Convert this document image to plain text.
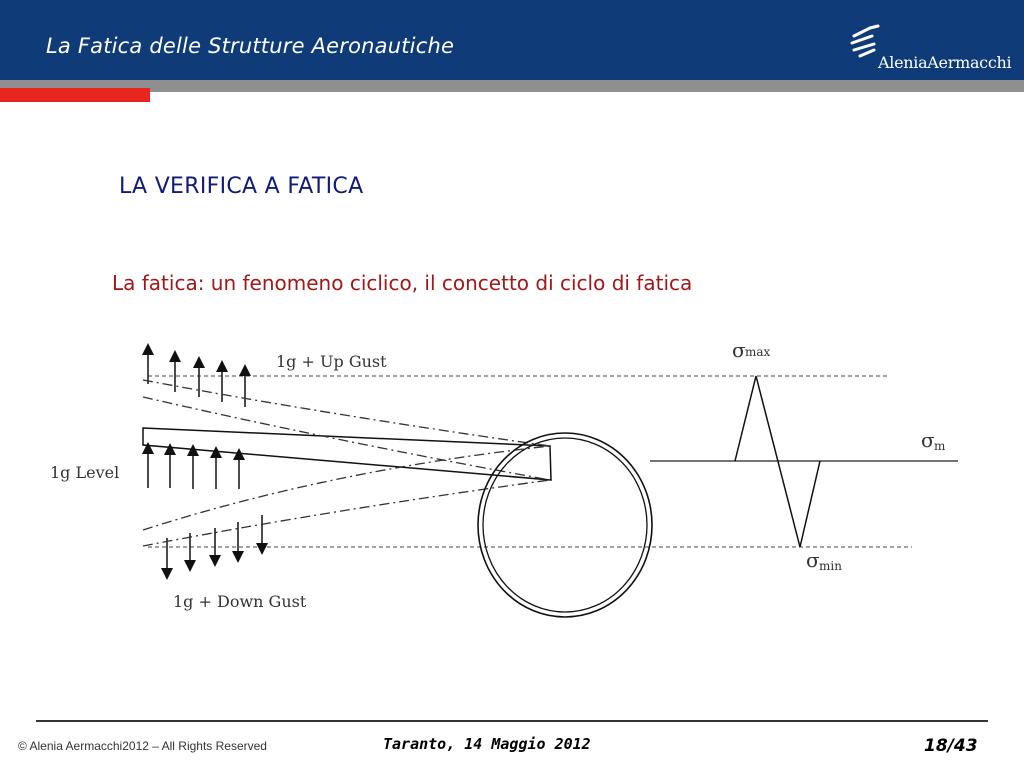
La Fatica delle Strutture Aeronautiche
AleniaAermacchi
LA VERIFICA A FATICA
La fatica: un fenomeno ciclico, il concetto di ciclo di fatica
1g + Up Gust
1g Level
1g + Down Gust
σ max
σ m
σ min
© Alenia Aermacchi2012 – All Rights Reserved	Taranto, 14 Maggio 2012	18/43
